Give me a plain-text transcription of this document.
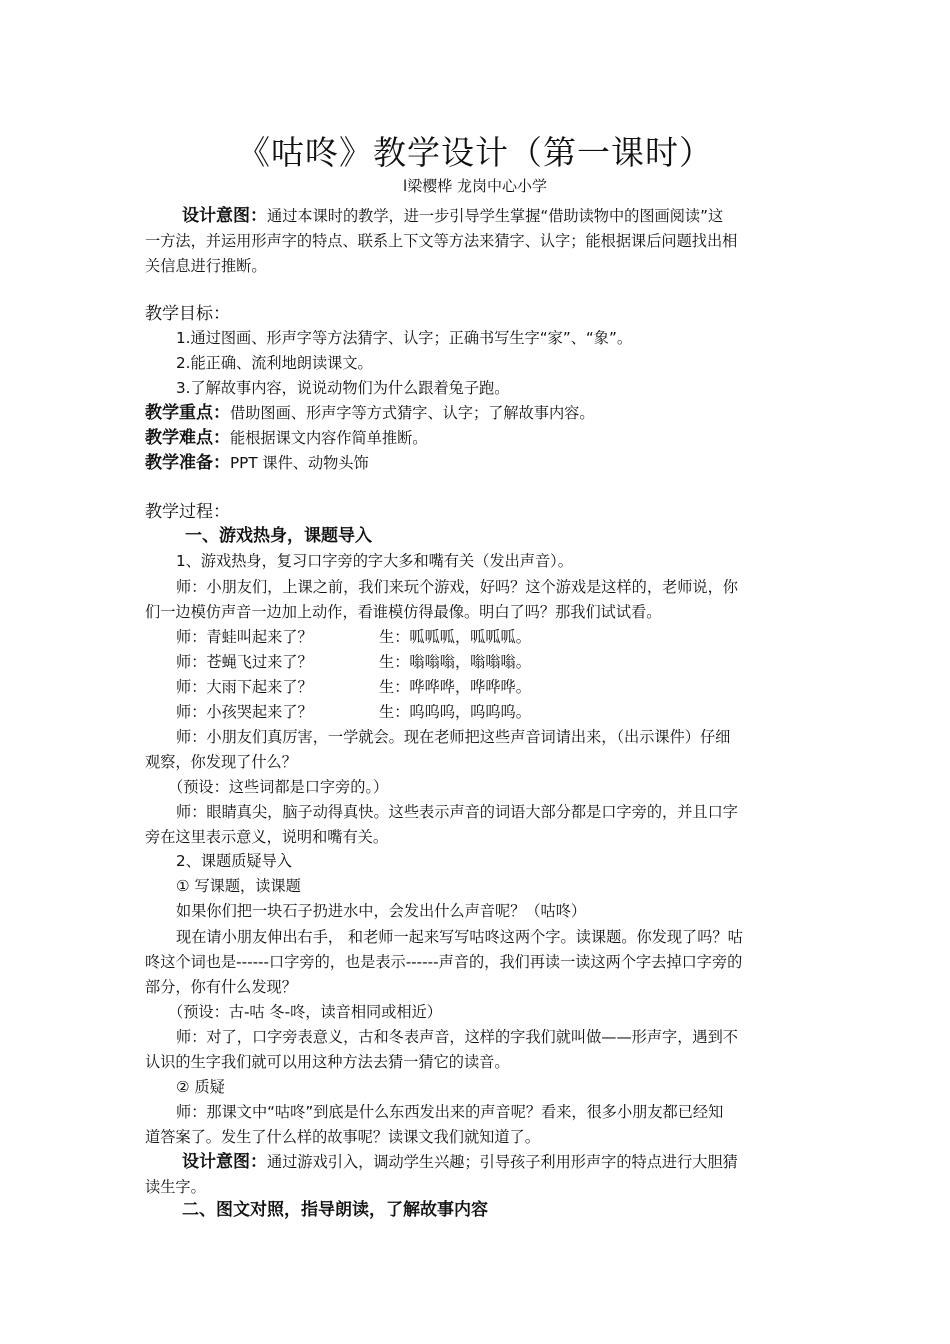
《咕咚》教学设计（第一课时）
l梁樱桦 龙岗中心小学
设计意图：通过本课时的教学，进一步引导学生掌握“借助读物中的图画阅读”这
一方法，并运用形声字的特点、联系上下文等方法来猜字、认字；能根据课后问题找出相
关信息进行推断。
教学目标：
1.通过图画、形声字等方法猜字、认字；正确书写生字“家”、“象”。
2.能正确、流利地朗读课文。
3.了解故事内容，说说动物们为什么跟着兔子跑。
教学重点：借助图画、形声字等方式猜字、认字；了解故事内容。
教学难点：能根据课文内容作简单推断。
教学准备：PPT 课件、动物头饰
教学过程：
一、游戏热身，课题导入
1、游戏热身，复习口字旁的字大多和嘴有关（发出声音）。
师：小朋友们，上课之前，我们来玩个游戏，好吗？这个游戏是这样的，老师说，你
们一边模仿声音一边加上动作，看谁模仿得最像。明白了吗？那我们试试看。
师：青蛙叫起来了？	生：呱呱呱，呱呱呱。
师：苍蝇飞过来了？	生：嗡嗡嗡，嗡嗡嗡。
师：大雨下起来了？	生：哗哗哗，哗哗哗。
师：小孩哭起来了？	生：呜呜呜，呜呜呜。
师：小朋友们真厉害，一学就会。现在老师把这些声音词请出来，（出示课件）仔细
观察，你发现了什么？
（预设：这些词都是口字旁的。）
师：眼睛真尖，脑子动得真快。这些表示声音的词语大部分都是口字旁的，并且口字
旁在这里表示意义，说明和嘴有关。
2、课题质疑导入
① 写课题，读课题
如果你们把一块石子扔进水中，会发出什么声音呢？（咕咚）
现在请小朋友伸出右手， 和老师一起来写写咕咚这两个字。读课题。你发现了吗？咕
咚这个词也是------口字旁的，也是表示------声音的，我们再读一读这两个字去掉口字旁的
部分，你有什么发现？
（预设：古-咕 冬-咚，读音相同或相近）
师：对了，口字旁表意义，古和冬表声音，这样的字我们就叫做——形声字，遇到不
认识的生字我们就可以用这种方法去猜一猜它的读音。
② 质疑
师：那课文中“咕咚”到底是什么东西发出来的声音呢？看来，很多小朋友都已经知
道答案了。发生了什么样的故事呢？读课文我们就知道了。
设计意图：通过游戏引入，调动学生兴趣；引导孩子利用形声字的特点进行大胆猜
读生字。
二、图文对照，指导朗读，了解故事内容
